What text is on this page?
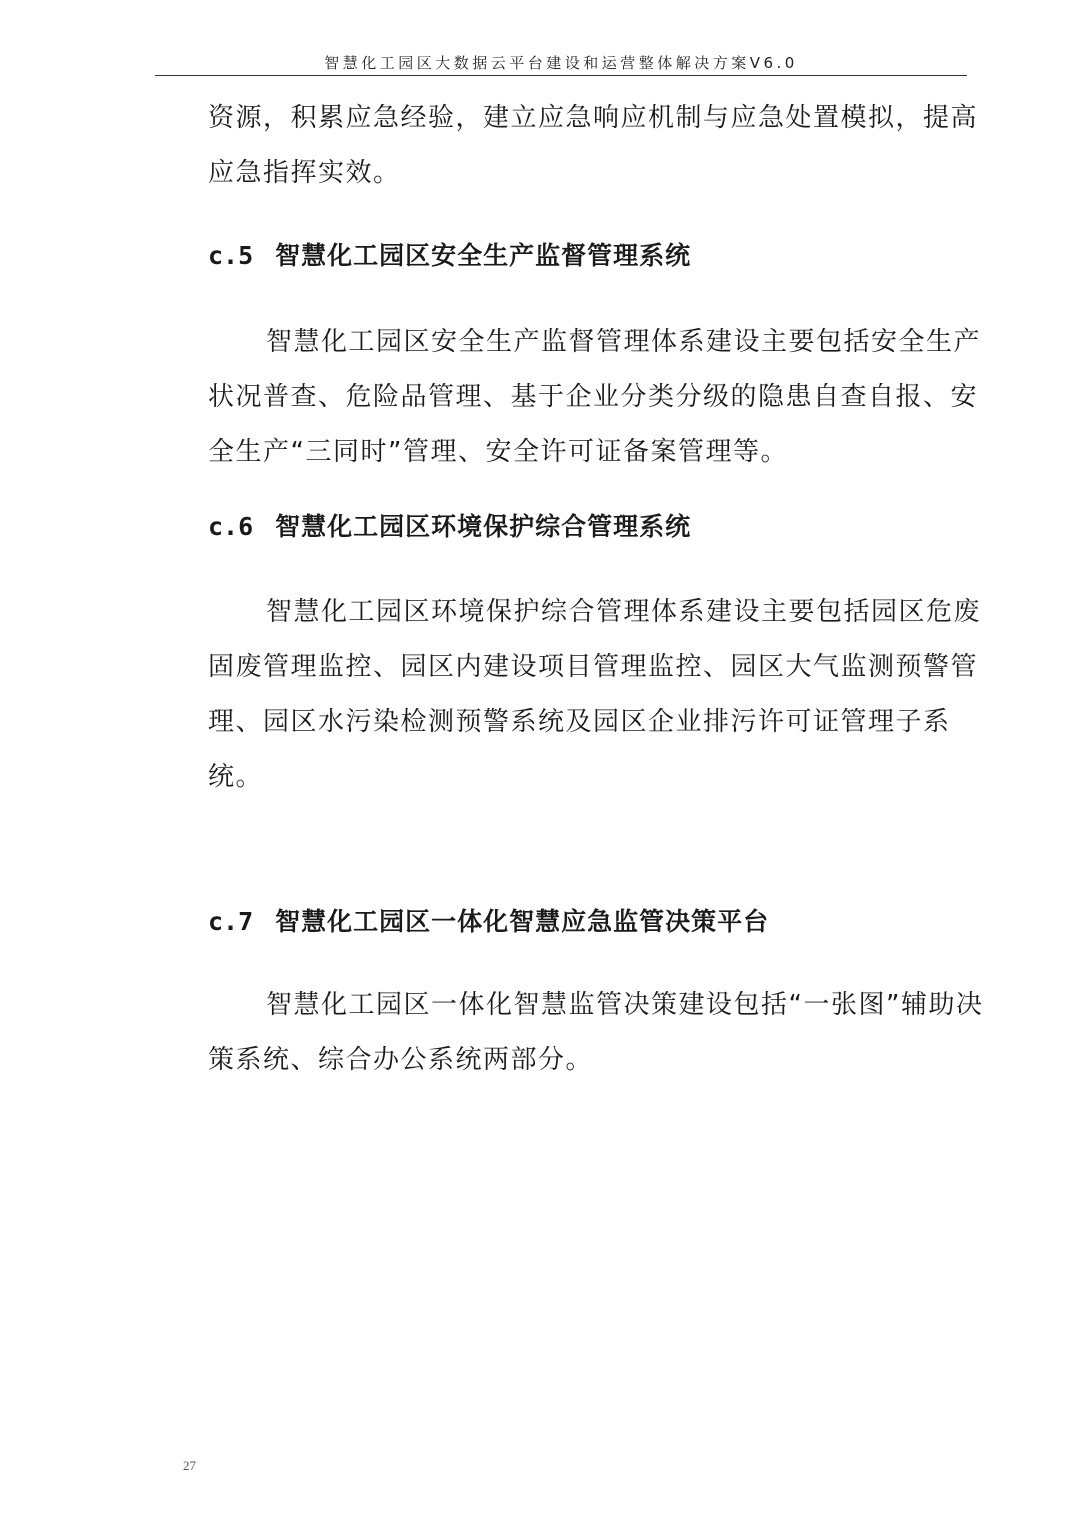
智慧化工园区大数据云平台建设和运营整体解决方案V6.0

资源，积累应急经验，建立应急响应机制与应急处置模拟，提高应急指挥实效。

c.5 智慧化工园区安全生产监督管理系统

智慧化工园区安全生产监督管理体系建设主要包括安全生产状况普查、危险品管理、基于企业分类分级的隐患自查自报、安全生产“三同时”管理、安全许可证备案管理等。

c.6 智慧化工园区环境保护综合管理系统

智慧化工园区环境保护综合管理体系建设主要包括园区危废固废管理监控、园区内建设项目管理监控、园区大气监测预警管理、园区水污染检测预警系统及园区企业排污许可证管理子系统。

c.7 智慧化工园区一体化智慧应急监管决策平台

智慧化工园区一体化智慧监管决策建设包括“一张图”辅助决策系统、综合办公系统两部分。

27
